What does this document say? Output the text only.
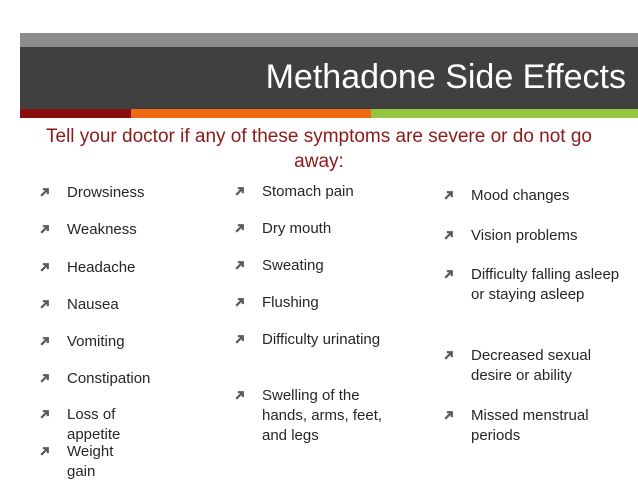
Methadone Side Effects
Tell your doctor if any of these symptoms are severe or do not go away:
Drowsiness
Weakness
Headache
Nausea
Vomiting
Constipation
Loss of appetite
Weight gain
Stomach pain
Dry mouth
Sweating
Flushing
Difficulty urinating
Swelling of the hands, arms, feet, and legs
Mood changes
Vision problems
Difficulty falling asleep or staying asleep
Decreased sexual desire or ability
Missed menstrual periods
